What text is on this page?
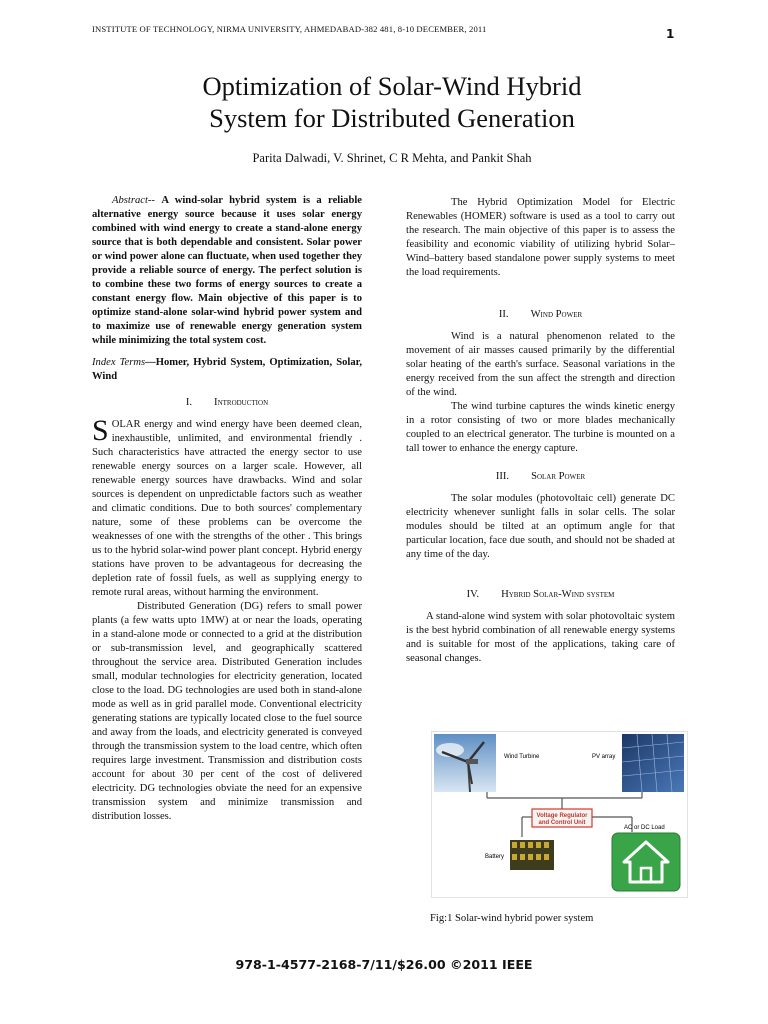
INSTITUTE OF TECHNOLOGY, NIRMA UNIVERSITY, AHMEDABAD-382 481, 8-10 DECEMBER, 2011	1
Optimization of Solar-Wind Hybrid
System for Distributed Generation
Parita Dalwadi, V. Shrinet, C R Mehta, and Pankit Shah

Abstract-- A wind-solar hybrid system is a reliable alternative energy source because it uses solar energy combined with wind energy to create a stand-alone energy source that is both dependable and consistent. Solar power or wind power alone can fluctuate, when used together they provide a reliable source of energy. The perfect solution is to combine these two forms of energy sources to create a constant energy flow. Main objective of this paper is to optimize stand-alone solar-wind hybrid power system and to maximize use of renewable energy generation system while minimizing the total system cost.

Index Terms—Homer, Hybrid System, Optimization, Solar, Wind

I. Introduction

SOLAR energy and wind energy have been deemed clean, inexhaustible, unlimited, and environmental friendly . Such characteristics have attracted the energy sector to use renewable energy sources on a larger scale. However, all renewable energy sources have drawbacks. Wind and solar sources is dependent on unpredictable factors such as weather and climatic conditions. Due to both sources' complementary nature, some of these problems can be overcome the weaknesses of one with the strengths of the other . This brings us to the hybrid solar-wind power plant concept. Hybrid energy stations have proven to be advantageous for decreasing the depletion rate of fossil fuels, as well as supplying energy to remote rural areas, without harming the environment.

Distributed Generation (DG) refers to small power plants (a few watts upto 1MW) at or near the loads, operating in a stand-alone mode or connected to a grid at the distribution or sub-transmission level, and geographically scattered throughout the service area. Distributed Generation includes small, modular technologies for electricity generation, located close to the load. DG technologies are used both in stand-alone mode as well as in grid parallel mode. Conventional electricity generating stations are typically located close to the fuel source and away from the loads, and electricity generated is conveyed through the transmission system to the load centre, which often requires large investment. Transmission and distribution costs account for about 30 per cent of the cost of delivered electricity. DG technologies obviate the need for an expensive transmission system and minimize transmission and distribution losses.

The Hybrid Optimization Model for Electric Renewables (HOMER) software is used as a tool to carry out the research. The main objective of this paper is to assess the feasibility and economic viability of utilizing hybrid Solar–Wind–battery based standalone power supply systems to meet the load requirements.

II. Wind Power

Wind is a natural phenomenon related to the movement of air masses caused primarily by the differential solar heating of the earth's surface. Seasonal variations in the energy received from the sun affect the strength and direction of the wind.

The wind turbine captures the winds kinetic energy in a rotor consisting of two or more blades mechanically coupled to an electrical generator. The turbine is mounted on a tall tower to enhance the energy capture.

III. Solar Power

The solar modules (photovoltaic cell) generate DC electricity whenever sunlight falls in solar cells. The solar modules should be tilted at an optimum angle for that particular location, face due south, and should not be shaded at any time of the day.

IV. Hybrid Solar-Wind system

A stand-alone wind system with solar photovoltaic system is the best hybrid combination of all renewable energy systems and is suitable for most of the applications, taking care of seasonal changes.

Wind Turbine	PV array
Voltage Regulator
and Control Unit
Battery
AC or DC Load
Fig:1 Solar-wind hybrid power system
978-1-4577-2168-7/11/$26.00 ©2011 IEEE
